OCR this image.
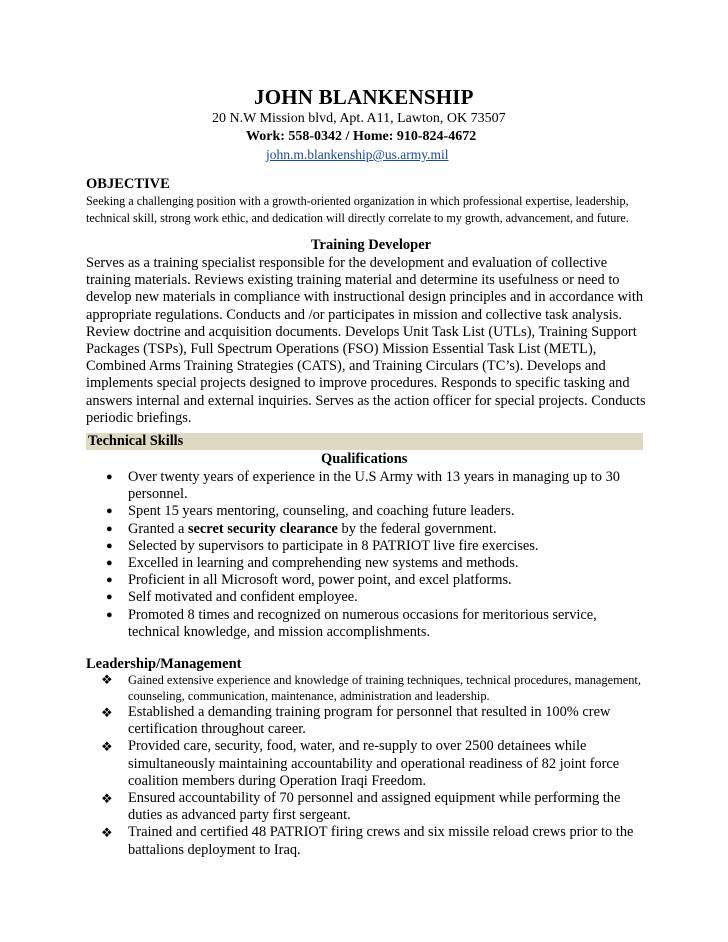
JOHN BLANKENSHIP
20 N.W Mission blvd, Apt. A11, Lawton, OK 73507
Work: 558-0342 / Home: 910-824-4672
john.m.blankenship@us.army.mil
OBJECTIVE
Seeking a challenging position with a growth-oriented organization in which professional expertise, leadership, technical skill, strong work ethic, and dedication will directly correlate to my growth, advancement, and future.
Training Developer
Serves as a training specialist responsible for the development and evaluation of collective training materials. Reviews existing training material and determine its usefulness or need to develop new materials in compliance with instructional design principles and in accordance with appropriate regulations. Conducts and /or participates in mission and collective task analysis. Review doctrine and acquisition documents. Develops Unit Task List (UTLs), Training Support Packages (TSPs), Full Spectrum Operations (FSO) Mission Essential Task List (METL), Combined Arms Training Strategies (CATS), and Training Circulars (TC’s). Develops and implements special projects designed to improve procedures. Responds to specific tasking and answers internal and external inquiries. Serves as the action officer for special projects. Conducts periodic briefings.
Technical Skills
Qualifications
● Over twenty years of experience in the U.S Army with 13 years in managing up to 30 personnel.
● Spent 15 years mentoring, counseling, and coaching future leaders.
● Granted a secret security clearance by the federal government.
● Selected by supervisors to participate in 8 PATRIOT live fire exercises.
● Excelled in learning and comprehending new systems and methods.
● Proficient in all Microsoft word, power point, and excel platforms.
● Self motivated and confident employee.
● Promoted 8 times and recognized on numerous occasions for meritorious service, technical knowledge, and mission accomplishments.
Leadership/Management
❖ Gained extensive experience and knowledge of training techniques, technical procedures, management, counseling, communication, maintenance, administration and leadership.
❖ Established a demanding training program for personnel that resulted in 100% crew certification throughout career.
❖ Provided care, security, food, water, and re-supply to over 2500 detainees while simultaneously maintaining accountability and operational readiness of 82 joint force coalition members during Operation Iraqi Freedom.
❖ Ensured accountability of 70 personnel and assigned equipment while performing the duties as advanced party first sergeant.
❖ Trained and certified 48 PATRIOT firing crews and six missile reload crews prior to the battalions deployment to Iraq.
